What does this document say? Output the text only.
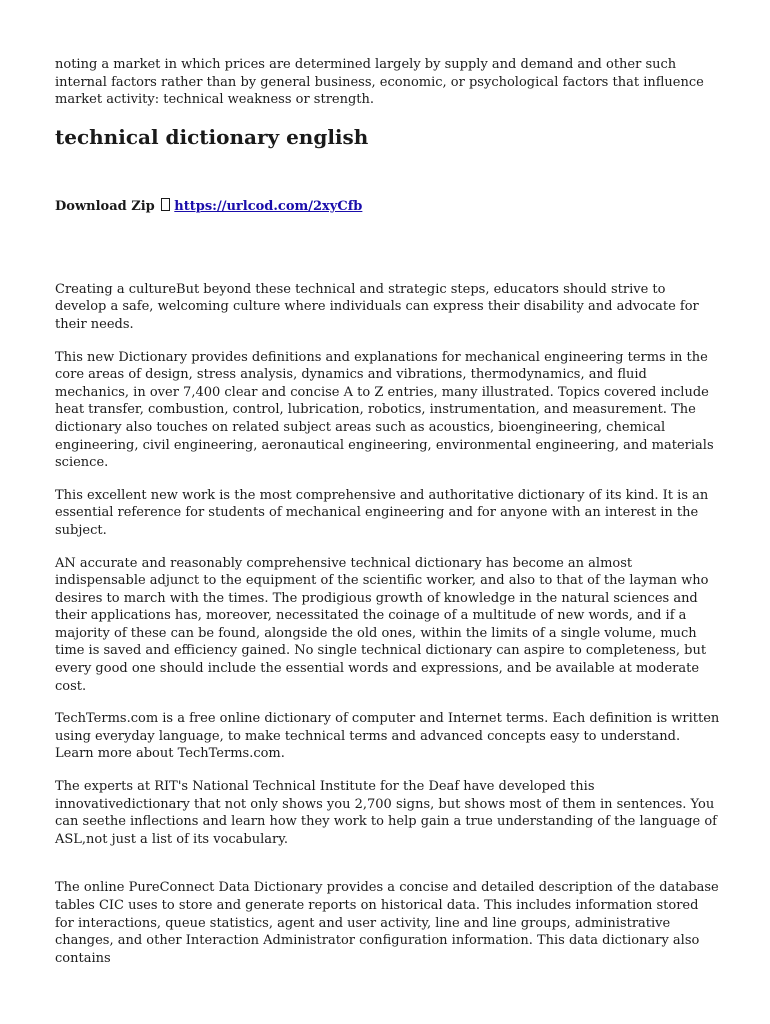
noting a market in which prices are determined largely by supply and demand and other such internal factors rather than by general business, economic, or psychological factors that influence market activity: technical weakness or strength.

technical dictionary english

Download Zip https://urlcod.com/2xyCfb

Creating a cultureBut beyond these technical and strategic steps, educators should strive to develop a safe, welcoming culture where individuals can express their disability and advocate for their needs.

This new Dictionary provides definitions and explanations for mechanical engineering terms in the core areas of design, stress analysis, dynamics and vibrations, thermodynamics, and fluid mechanics, in over 7,400 clear and concise A to Z entries, many illustrated. Topics covered include heat transfer, combustion, control, lubrication, robotics, instrumentation, and measurement. The dictionary also touches on related subject areas such as acoustics, bioengineering, chemical engineering, civil engineering, aeronautical engineering, environmental engineering, and materials science.

This excellent new work is the most comprehensive and authoritative dictionary of its kind. It is an essential reference for students of mechanical engineering and for anyone with an interest in the subject.

AN accurate and reasonably comprehensive technical dictionary has become an almost indispensable adjunct to the equipment of the scientific worker, and also to that of the layman who desires to march with the times. The prodigious growth of knowledge in the natural sciences and their applications has, moreover, necessitated the coinage of a multitude of new words, and if a majority of these can be found, alongside the old ones, within the limits of a single volume, much time is saved and efficiency gained. No single technical dictionary can aspire to completeness, but every good one should include the essential words and expressions, and be available at moderate cost.

TechTerms.com is a free online dictionary of computer and Internet terms. Each definition is written using everyday language, to make technical terms and advanced concepts easy to understand. Learn more about TechTerms.com.

The experts at RIT's National Technical Institute for the Deaf have developed this innovativedictionary that not only shows you 2,700 signs, but shows most of them in sentences. You can seethe inflections and learn how they work to help gain a true understanding of the language of ASL,not just a list of its vocabulary.

The online PureConnect Data Dictionary provides a concise and detailed description of the database tables CIC uses to store and generate reports on historical data. This includes information stored for interactions, queue statistics, agent and user activity, line and line groups, administrative changes, and other Interaction Administrator configuration information. This data dictionary also contains
